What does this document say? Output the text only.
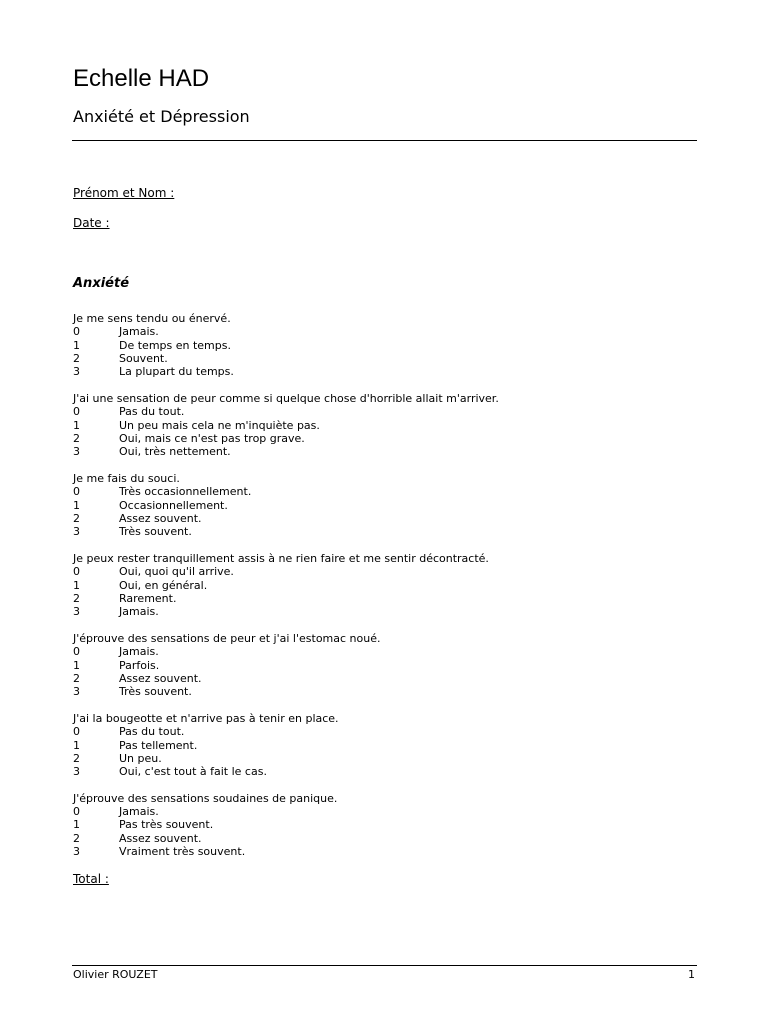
Echelle HAD
Anxiété et Dépression
Prénom et Nom :
Date :
Anxiété
Je me sens tendu ou énervé.
0	Jamais.
1	De temps en temps.
2	Souvent.
3	La plupart du temps.
J'ai une sensation de peur comme si quelque chose d'horrible allait m'arriver.
0	Pas du tout.
1	Un peu mais cela ne m'inquiète pas.
2	Oui, mais ce n'est pas trop grave.
3	Oui, très nettement.
Je me fais du souci.
0	Très occasionnellement.
1	Occasionnellement.
2	Assez souvent.
3	Très souvent.
Je peux rester tranquillement assis à ne rien faire et me sentir décontracté.
0	Oui, quoi qu'il arrive.
1	Oui, en général.
2	Rarement.
3	Jamais.
J'éprouve des sensations de peur et j'ai l'estomac noué.
0	Jamais.
1	Parfois.
2	Assez souvent.
3	Très souvent.
J'ai la bougeotte et n'arrive pas à tenir en place.
0	Pas du tout.
1	Pas tellement.
2	Un peu.
3	Oui, c'est tout à fait le cas.
J'éprouve des sensations soudaines de panique.
0	Jamais.
1	Pas très souvent.
2	Assez souvent.
3	Vraiment très souvent.
Total :
Olivier ROUZET	1
